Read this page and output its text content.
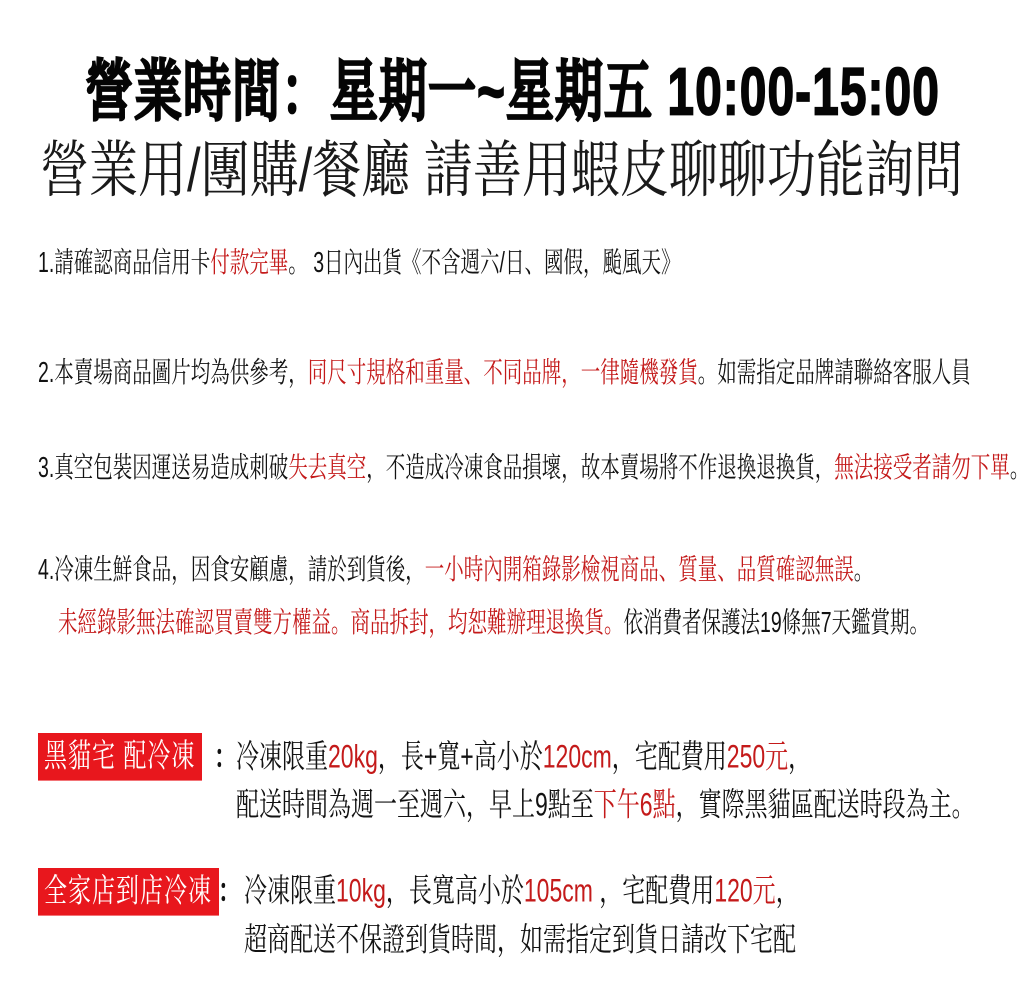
營業時間：星期一~星期五 10:00-15:00
營業用/團購/餐廳 請善用蝦皮聊聊功能詢問
1.請確認商品信用卡付款完畢。 3日內出貨《不含週六/日、國假，颱風天》
2.本賣場商品圖片均為供參考，同尺寸規格和重量、不同品牌，一律隨機發貨。如需指定品牌請聯絡客服人員
3.真空包裝因運送易造成刺破失去真空，不造成冷凍食品損壞，故本賣場將不作退換退換貨，無法接受者請勿下單。
4.冷凍生鮮食品，因食安顧慮，請於到貨後，一小時內開箱錄影檢視商品、質量、品質確認無誤。
未經錄影無法確認買賣雙方權益。商品拆封，均恕難辦理退換貨。依消費者保護法19條無7天鑑賞期。
黑貓宅 配冷凍 ： 冷凍限重20kg，長+寬+高小於120cm，宅配費用250元，
配送時間為週一至週六，早上9點至下午6點，實際黑貓區配送時段為主。
全家店到店冷凍 ： 冷凍限重10kg，長寬高小於105cm ，宅配費用120元，
超商配送不保證到貨時間，如需指定到貨日請改下宅配
